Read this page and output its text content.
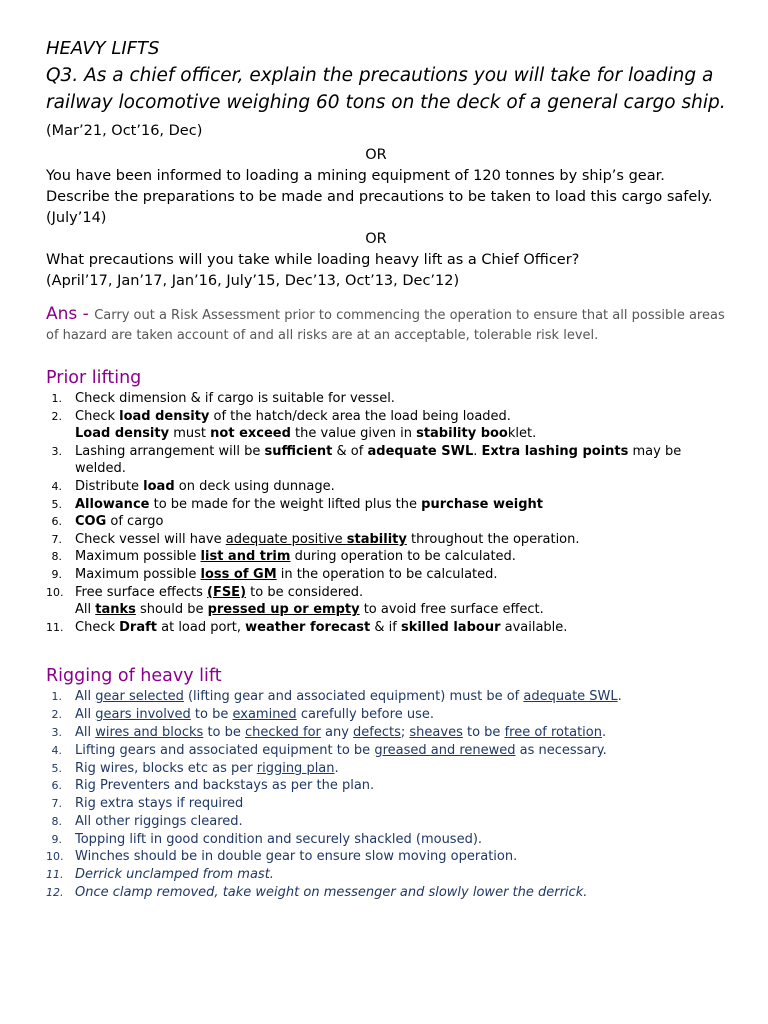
HEAVY LIFTS

Q3. As a chief officer, explain the precautions you will take for loading a railway locomotive weighing 60 tons on the deck of a general cargo ship. (Mar’21, Oct’16, Dec)

OR

You have been informed to loading a mining equipment of 120 tonnes by ship’s gear.
Describe the preparations to be made and precautions to be taken to load this cargo safely.
(July’14)

OR

What precautions will you take while loading heavy lift as a Chief Officer?
(April’17, Jan’17, Jan’16, July’15, Dec’13, Oct’13, Dec’12)

Ans - Carry out a Risk Assessment prior to commencing the operation to ensure that all possible areas of hazard are taken account of and all risks are at an acceptable, tolerable risk level.

Prior lifting
1. Check dimension & if cargo is suitable for vessel.
2. Check load density of the hatch/deck area the load being loaded.
Load density must not exceed the value given in stability booklet.
3. Lashing arrangement will be sufficient & of adequate SWL. Extra lashing points may be welded.
4. Distribute load on deck using dunnage.
5. Allowance to be made for the weight lifted plus the purchase weight
6. COG of cargo
7. Check vessel will have adequate positive stability throughout the operation.
8. Maximum possible list and trim during operation to be calculated.
9. Maximum possible loss of GM in the operation to be calculated.
10. Free surface effects (FSE) to be considered.
All tanks should be pressed up or empty to avoid free surface effect.
11. Check Draft at load port, weather forecast & if skilled labour available.
Rigging of heavy lift
1. All gear selected (lifting gear and associated equipment) must be of adequate SWL.
2. All gears involved to be examined carefully before use.
3. All wires and blocks to be checked for any defects; sheaves to be free of rotation.
4. Lifting gears and associated equipment to be greased and renewed as necessary.
5. Rig wires, blocks etc as per rigging plan.
6. Rig Preventers and backstays as per the plan.
7. Rig extra stays if required
8. All other riggings cleared.
9. Topping lift in good condition and securely shackled (moused).
10. Winches should be in double gear to ensure slow moving operation.
11. Derrick unclamped from mast.
12. Once clamp removed, take weight on messenger and slowly lower the derrick.
